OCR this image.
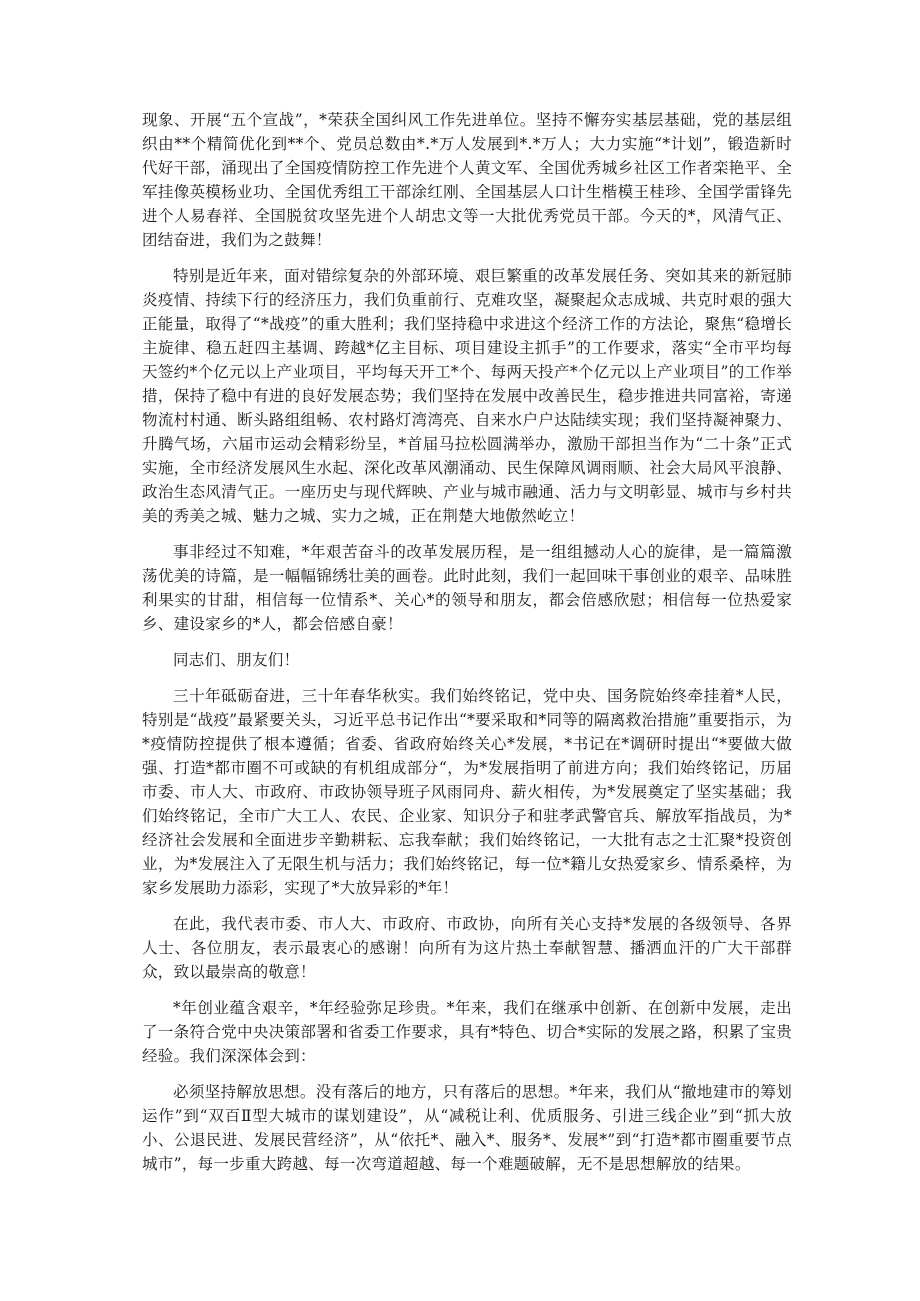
现象、开展“五个宣战”，*荣获全国纠风工作先进单位。坚持不懈夯实基层基础，党的基层组织由**个精简优化到**个、党员总数由*.*万人发展到*.*万人；大力实施“*计划”，锻造新时代好干部，涌现出了全国疫情防控工作先进个人黄文军、全国优秀城乡社区工作者栾艳平、全军挂像英模杨业功、全国优秀组工干部涂红刚、全国基层人口计生楷模王桂珍、全国学雷锋先进个人易春祥、全国脱贫攻坚先进个人胡忠文等一大批优秀党员干部。今天的*，风清气正、团结奋进，我们为之鼓舞！

特别是近年来，面对错综复杂的外部环境、艰巨繁重的改革发展任务、突如其来的新冠肺炎疫情、持续下行的经济压力，我们负重前行、克难攻坚，凝聚起众志成城、共克时艰的强大正能量，取得了“*战疫”的重大胜利；我们坚持稳中求进这个经济工作的方法论，聚焦“稳增长主旋律、稳五赶四主基调、跨越*亿主目标、项目建设主抓手”的工作要求，落实“全市平均每天签约*个亿元以上产业项目，平均每天开工*个、每两天投产*个亿元以上产业项目”的工作举措，保持了稳中有进的良好发展态势；我们坚持在发展中改善民生，稳步推进共同富裕，寄递物流村村通、断头路组组畅、农村路灯湾湾亮、自来水户户达陆续实现；我们坚持凝神聚力、升腾气场，六届市运动会精彩纷呈，*首届马拉松圆满举办，激励干部担当作为“二十条”正式实施，全市经济发展风生水起、深化改革风潮涌动、民生保障风调雨顺、社会大局风平浪静、政治生态风清气正。一座历史与现代辉映、产业与城市融通、活力与文明彰显、城市与乡村共美的秀美之城、魅力之城、实力之城，正在荆楚大地傲然屹立！

事非经过不知难，*年艰苦奋斗的改革发展历程，是一组组撼动人心的旋律，是一篇篇激荡优美的诗篇，是一幅幅锦绣壮美的画卷。此时此刻，我们一起回味干事创业的艰辛、品味胜利果实的甘甜，相信每一位情系*、关心*的领导和朋友，都会倍感欣慰；相信每一位热爱家乡、建设家乡的*人，都会倍感自豪！

同志们、朋友们！

三十年砥砺奋进，三十年春华秋实。我们始终铭记，党中央、国务院始终牵挂着*人民，特别是“战疫”最紧要关头，习近平总书记作出“*要采取和*同等的隔离救治措施”重要指示，为*疫情防控提供了根本遵循；省委、省政府始终关心*发展，*书记在*调研时提出“*要做大做强、打造*都市圈不可或缺的有机组成部分“，为*发展指明了前进方向；我们始终铭记，历届市委、市人大、市政府、市政协领导班子风雨同舟、薪火相传，为*发展奠定了坚实基础；我们始终铭记，全市广大工人、农民、企业家、知识分子和驻孝武警官兵、解放军指战员，为*经济社会发展和全面进步辛勤耕耘、忘我奉献；我们始终铭记，一大批有志之士汇聚*投资创业，为*发展注入了无限生机与活力；我们始终铭记，每一位*籍儿女热爱家乡、情系桑梓，为家乡发展助力添彩，实现了*大放异彩的*年！

在此，我代表市委、市人大、市政府、市政协，向所有关心支持*发展的各级领导、各界人士、各位朋友，表示最衷心的感谢！向所有为这片热土奉献智慧、播洒血汗的广大干部群众，致以最崇高的敬意！

*年创业蕴含艰辛，*年经验弥足珍贵。*年来，我们在继承中创新、在创新中发展，走出了一条符合党中央决策部署和省委工作要求，具有*特色、切合*实际的发展之路，积累了宝贵经验。我们深深体会到：

必须坚持解放思想。没有落后的地方，只有落后的思想。*年来，我们从“撤地建市的筹划运作”到“双百Ⅱ型大城市的谋划建设”，从“减税让利、优质服务、引进三线企业”到“抓大放小、公退民进、发展民营经济”，从“依托*、融入*、服务*、发展*”到“打造*都市圈重要节点城市”，每一步重大跨越、每一次弯道超越、每一个难题破解，无不是思想解放的结果。
